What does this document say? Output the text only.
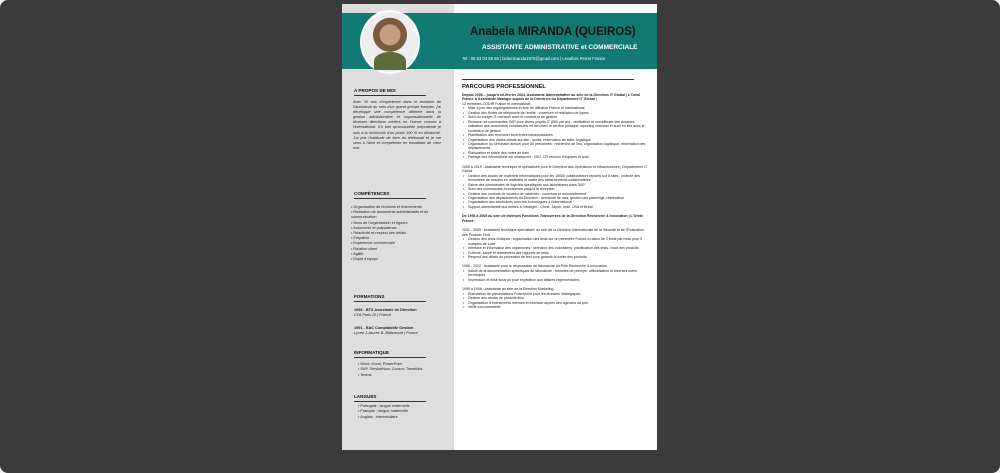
Anabela MIRANDA (QUEIROS)
ASSISTANTE ADMINISTRATIVE et COMMERCIALE
Tel : 06 83 04 89 68 | belaminanda1970@gmail.com | Levallois Perret France
A PROPOS DE MOI
Avec 30 ans d'expérience dans le domaine de l'assistanat au sein d'un grand groupe français, j'ai développé une compétence affirmée dans la gestion administrative et organisationnelle de diverses directions métiers en France comme à l'international. En tant qu'assistante polyvalente je suis à la recherche d'un poste 100 % en distanciel. J'ai pris l'habitude de faire du télétravail et je me sens à l'aise et compétente en travaillant de chez moi.
COMPÉTENCES
• Organisation de réunions et évènements
• Rédaction de documents administratifs et de communication
• Sens de l'organisation et rigueur
• Autonomie et polyvalence
• Réactivité et respect des délais
• Empathie
• Expérience commerciale
• Relation client
• Agilité
• Esprit d'équipe
FORMATIONS
1995 - BTS Assistante de Direction
CFA Paris 10 | France
1991 - BAC Comptabilité Gestion
Lycée J-Jaurès B. Billancourt | France
INFORMATIQUE
• Word, Excel, PowerPoint
• SAP, ServiceNow, Concur, Travelidia
• Teams
LANGUES
• Portugais : langue maternelle
• Français : langue maternelle
• Anglais : intermédiaire
PARCOURS PROFESSIONNEL

Depuis 2005 – jusqu'à mi-février 2024, Assistante Administrative au sein de la Direction IT Global | L'Oréal France & Assistante Manager auprès de la Directrice du Département IT Global ;

12 membres CODIR France et international

• Mise à jour des organigrammes et liste de diffusion France et International
• Gestion des flottes de téléphonie de l'entité : ouverture et résiliation de lignes
• Suivi du budget IT mensuel avec le contrôleur de gestion
• Émission de commandes SAP pour divers projets IT (500 par an) : vérification et complétude des dossiers, validation des documents contractuels en lien avec le service juridique, reporting mensuel et suivi en lien avec le contrôleur de gestion
• Planification des réunions récurrentes hebdomadaires
• Organisation des visites clients sur site : accès, réservation de salle, logistique
• Organisation du séminaire annuel pour 80 personnes : recherche de lieu, organisation logistique, réservation des déplacements
• Élaboration et saisie des notes de frais
• Partage des informations sur sharepoint : ODJ, CR réunion d'équipes et suivi

2005 à 2019 : Assistante technique et spécialisée pour le Directeur des Opérations et Infrastructures | Département IT Global

• Gestion des stocks de matériels informatiques pour les 18000 collaborateurs répartis sur 8 sites : collecte des remontées de besoins en matériels et saisie des rattachements collaborateurs
• Saisie des commandes de logiciels spécifiques aux laboratoires dans SAP
• Suivi des commandes fournisseurs jusqu'à la réception
• Gestion des contrats de location de matériels : ouverture et renouvellement
• Organisation des déplacements du Directeur : demande de visa, gestion des plannings, réservation
• Organisation des séminaires avec les homologues à l'international
• Support administratif aux entités à l'étranger : Chine, Japon, Inde, USA et Brésil

De 1995 à 2005 au sein de diverses Fonctions Transverses de la Direction Recherche & Innovation | L'Oréal France

2002 - 2005 : Assistante technique spécialisée au sein de la Direction internationale de la Sécurité et de l'Évaluation des Produits Finis

• Gestion des tests cliniques : organisation des tests sur un périmètre France à raison de 2 tests par mois pour 5 marques de Luxe
• Interface et information des organismes : sélection des volontaires, planification des tests, choix des produits
• Collecte, saisie et classement des rapports de tests
• Respect des délais du processus de test pour garantir la sortie des produits

1998 - 2002 : Assistante pour le responsable de laboratoire du Pôle Recherche & Innovation

• Saisie de la documentation spécifiques du laboratoire : formules de principe, officialisation et diverses notes techniques
• Impression et mise sous pli pour expédition aux affaires réglementaires

1995 à 1998 : Assistante au sein de la Direction Marketing

• Élaboration de présentations Powerpoint pour les réunions stratégiques
• Gestion des stocks de produits finis
• Organisation d'évènements internes et interface auprès des agences de pub
• Veille concurrentielle
